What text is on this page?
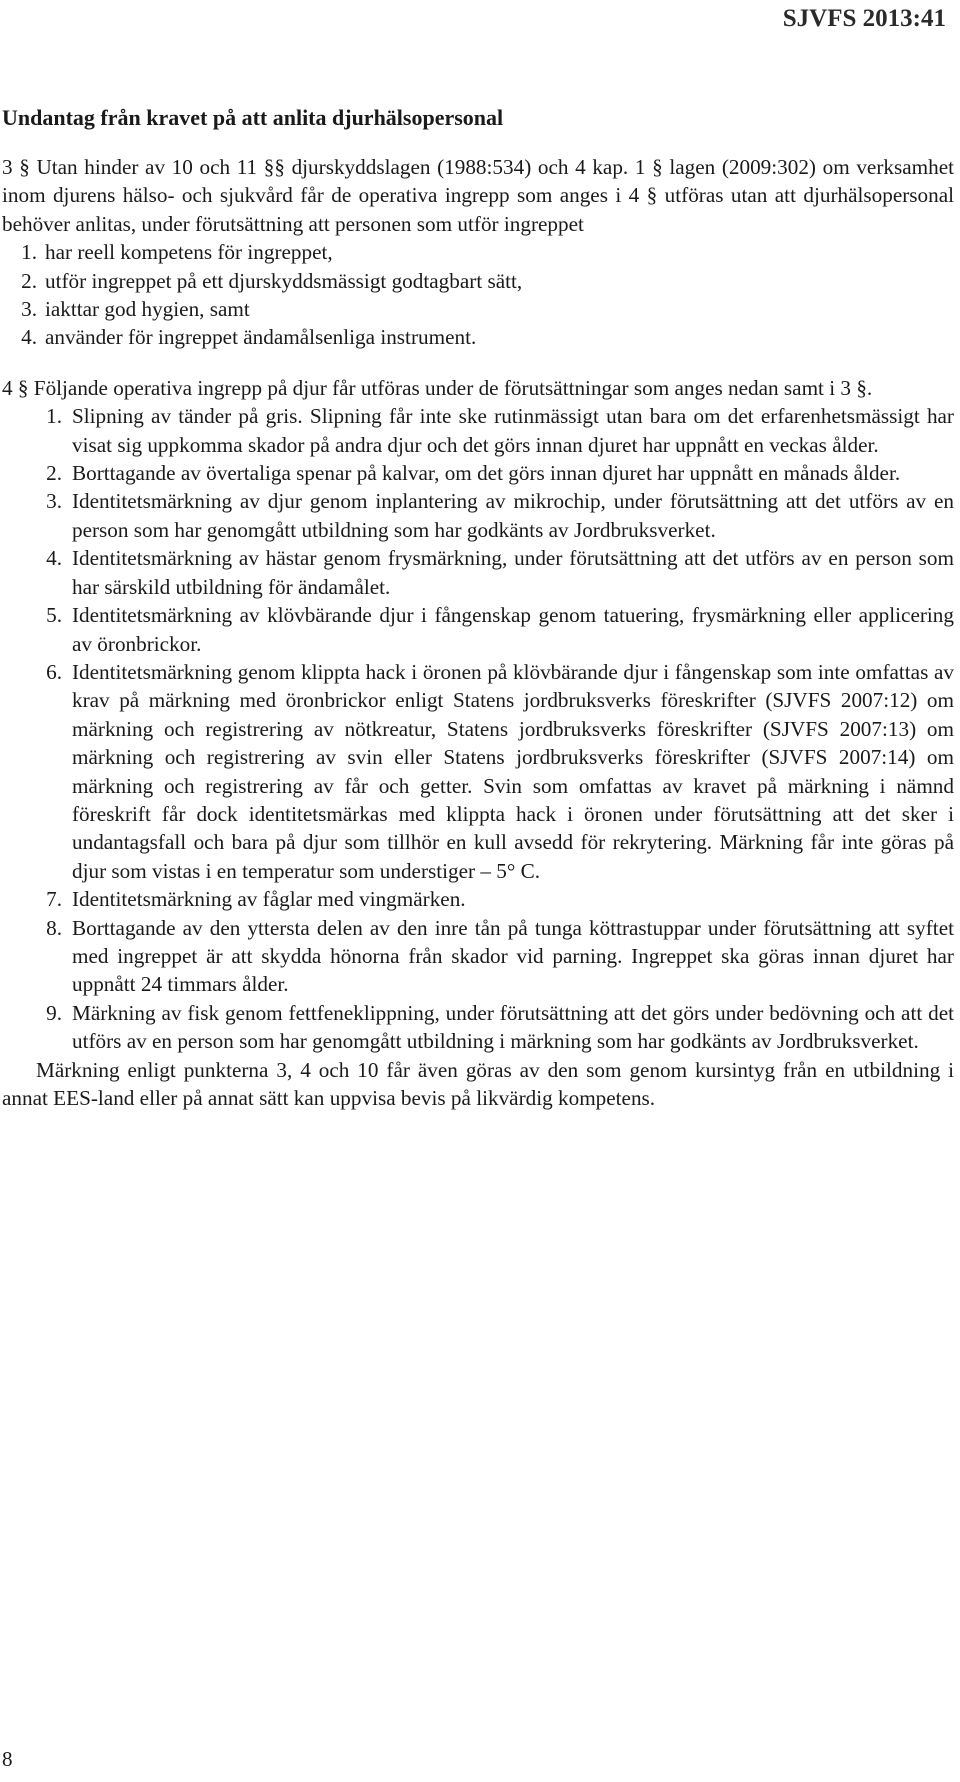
SJVFS 2013:41
Undantag från kravet på att anlita djurhälsopersonal

3 § Utan hinder av 10 och 11 §§ djurskyddslagen (1988:534) och 4 kap. 1 § lagen (2009:302) om verksamhet inom djurens hälso- och sjukvård får de operativa ingrepp som anges i 4 § utföras utan att djurhälsopersonal behöver anlitas, under förutsättning att personen som utför ingreppet

1. har reell kompetens för ingreppet,
2. utför ingreppet på ett djurskyddsmässigt godtagbart sätt,
3. iakttar god hygien, samt
4. använder för ingreppet ändamålsenliga instrument.

4 § Följande operativa ingrepp på djur får utföras under de förutsättningar som anges nedan samt i 3 §.

1. Slipning av tänder på gris. Slipning får inte ske rutinmässigt utan bara om det erfarenhetsmässigt har visat sig uppkomma skador på andra djur och det görs innan djuret har uppnått en veckas ålder.
2. Borttagande av övertaliga spenar på kalvar, om det görs innan djuret har uppnått en månads ålder.
3. Identitetsmärkning av djur genom inplantering av mikrochip, under förutsättning att det utförs av en person som har genomgått utbildning som har godkänts av Jordbruksverket.
4. Identitetsmärkning av hästar genom frysmärkning, under förutsättning att det utförs av en person som har särskild utbildning för ändamålet.
5. Identitetsmärkning av klövbärande djur i fångenskap genom tatuering, frysmärkning eller applicering av öronbrickor.
6. Identitetsmärkning genom klippta hack i öronen på klövbärande djur i fångenskap som inte omfattas av krav på märkning med öronbrickor enligt Statens jordbruksverks föreskrifter (SJVFS 2007:12) om märkning och registrering av nötkreatur, Statens jordbruksverks föreskrifter (SJVFS 2007:13) om märkning och registrering av svin eller Statens jordbruksverks föreskrifter (SJVFS 2007:14) om märkning och registrering av får och getter. Svin som omfattas av kravet på märkning i nämnd föreskrift får dock identitetsmärkas med klippta hack i öronen under förutsättning att det sker i undantagsfall och bara på djur som tillhör en kull avsedd för rekrytering. Märkning får inte göras på djur som vistas i en temperatur som understiger – 5° C.
7. Identitetsmärkning av fåglar med vingmärken.
8. Borttagande av den yttersta delen av den inre tån på tunga köttrastuppar under förutsättning att syftet med ingreppet är att skydda hönorna från skador vid parning. Ingreppet ska göras innan djuret har uppnått 24 timmars ålder.
9. Märkning av fisk genom fettfeneklippning, under förutsättning att det görs under bedövning och att det utförs av en person som har genomgått utbildning i märkning som har godkänts av Jordbruksverket.

Märkning enligt punkterna 3, 4 och 10 får även göras av den som genom kursintyg från en utbildning i annat EES-land eller på annat sätt kan uppvisa bevis på likvärdig kompetens.

8
